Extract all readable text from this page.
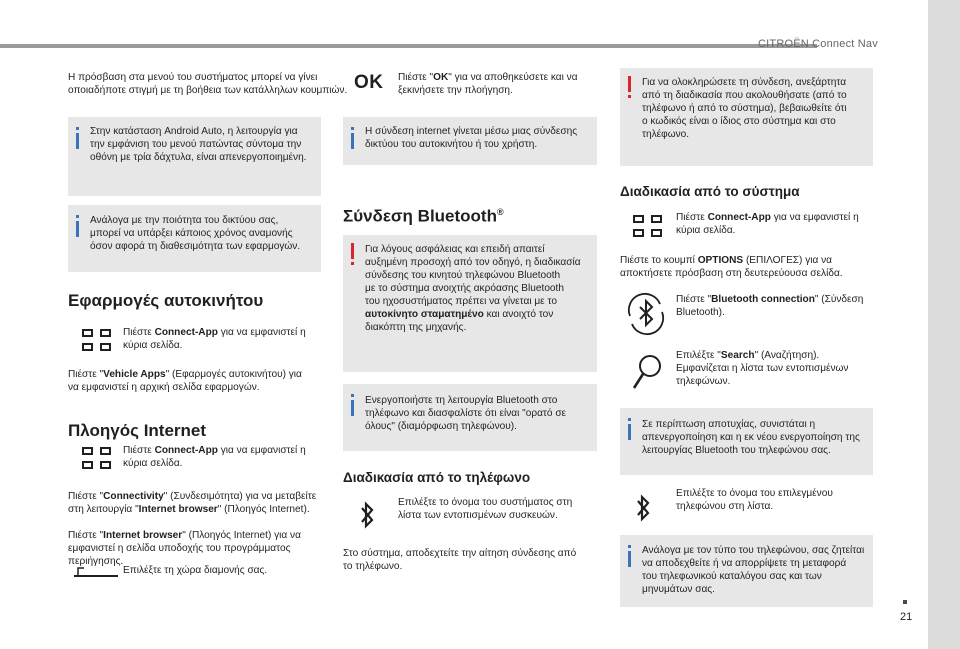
CITROËN Connect Nav
21

Η πρόσβαση στα μενού του συστήματος μπορεί να γίνει

οποιαδήποτε στιγμή με τη βοήθεια των κατάλληλων κουμπιών.

Στην κατάσταση Android Auto, η λειτουργία για

την εμφάνιση του μενού πατώντας σύντομα την

οθόνη με τρία δάχτυλα, είναι απενεργοποιημένη.

Ανάλογα με την ποιότητα του δικτύου σας,

μπορεί να υπάρξει κάποιος χρόνος αναμονής

όσον αφορά τη διαθεσιμότητα των εφαρμογών.

Εφαρμογές αυτοκινήτου

Πιέστε Connect-App για να εμφανιστεί η

κύρια σελίδα.

Πιέστε "Vehicle Apps" (Εφαρμογές αυτοκινήτου) για

να εμφανιστεί η αρχική σελίδα εφαρμογών.

Πλοηγός Internet

Πιέστε Connect-App για να εμφανιστεί η

κύρια σελίδα.

Πιέστε "Connectivity" (Συνδεσιμότητα) για να μεταβείτε

στη λειτουργία "Internet browser" (Πλοηγός Internet).

Πιέστε "Internet browser" (Πλοηγός Internet) για να

εμφανιστεί η σελίδα υποδοχής του προγράμματος

περιήγησης.

Επιλέξτε τη χώρα διαμονής σας.

OK Πιέστε "OK" για να αποθηκεύσετε και να

ξεκινήσετε την πλοήγηση.

Η σύνδεση internet γίνεται μέσω μιας σύνδεσης

δικτύου του αυτοκινήτου ή του χρήστη.

Σύνδεση Bluetooth®

Για λόγους ασφάλειας και επειδή απαιτεί

αυξημένη προσοχή από τον οδηγό, η διαδικασία

σύνδεσης του κινητού τηλεφώνου Bluetooth

με το σύστημα ανοιχτής ακρόασης Bluetooth

του ηχοσυστήματος πρέπει να γίνεται με το

αυτοκίνητο σταματημένο και ανοιχτό τον

διακόπτη της μηχανής.

Ενεργοποιήστε τη λειτουργία Bluetooth στο

τηλέφωνο και διασφαλίστε ότι είναι "ορατό σε

όλους" (διαμόρφωση τηλεφώνου).

Διαδικασία από το τηλέφωνο

Επιλέξτε το όνομα του συστήματος στη

λίστα των εντοπισμένων συσκευών.

Στο σύστημα, αποδεχτείτε την αίτηση σύνδεσης από

το τηλέφωνο.

Για να ολοκληρώσετε τη σύνδεση, ανεξάρτητα

από τη διαδικασία που ακολουθήσατε (από το

τηλέφωνο ή από το σύστημα), βεβαιωθείτε ότι

ο κωδικός είναι ο ίδιος στο σύστημα και στο

τηλέφωνο.

Διαδικασία από το σύστημα

Πιέστε Connect-App για να εμφανιστεί η

κύρια σελίδα.

Πιέστε το κουμπί OPTIONS (ΕΠΙΛΟΓΕΣ) για να

αποκτήσετε πρόσβαση στη δευτερεύουσα σελίδα.

Πιέστε "Bluetooth connection" (Σύνδεση

Bluetooth).

Επιλέξτε "Search" (Αναζήτηση).

Εμφανίζεται η λίστα των εντοπισμένων

τηλεφώνων.

Σε περίπτωση αποτυχίας, συνιστάται η

απενεργοποίηση και η εκ νέου ενεργοποίηση της

λειτουργίας Bluetooth του τηλεφώνου σας.

Επιλέξτε το όνομα του επιλεγμένου

τηλεφώνου στη λίστα.

Ανάλογα με τον τύπο του τηλεφώνου, σας ζητείται

να αποδεχθείτε ή να απορρίψετε τη μεταφορά

του τηλεφωνικού καταλόγου σας και των

μηνυμάτων σας.
